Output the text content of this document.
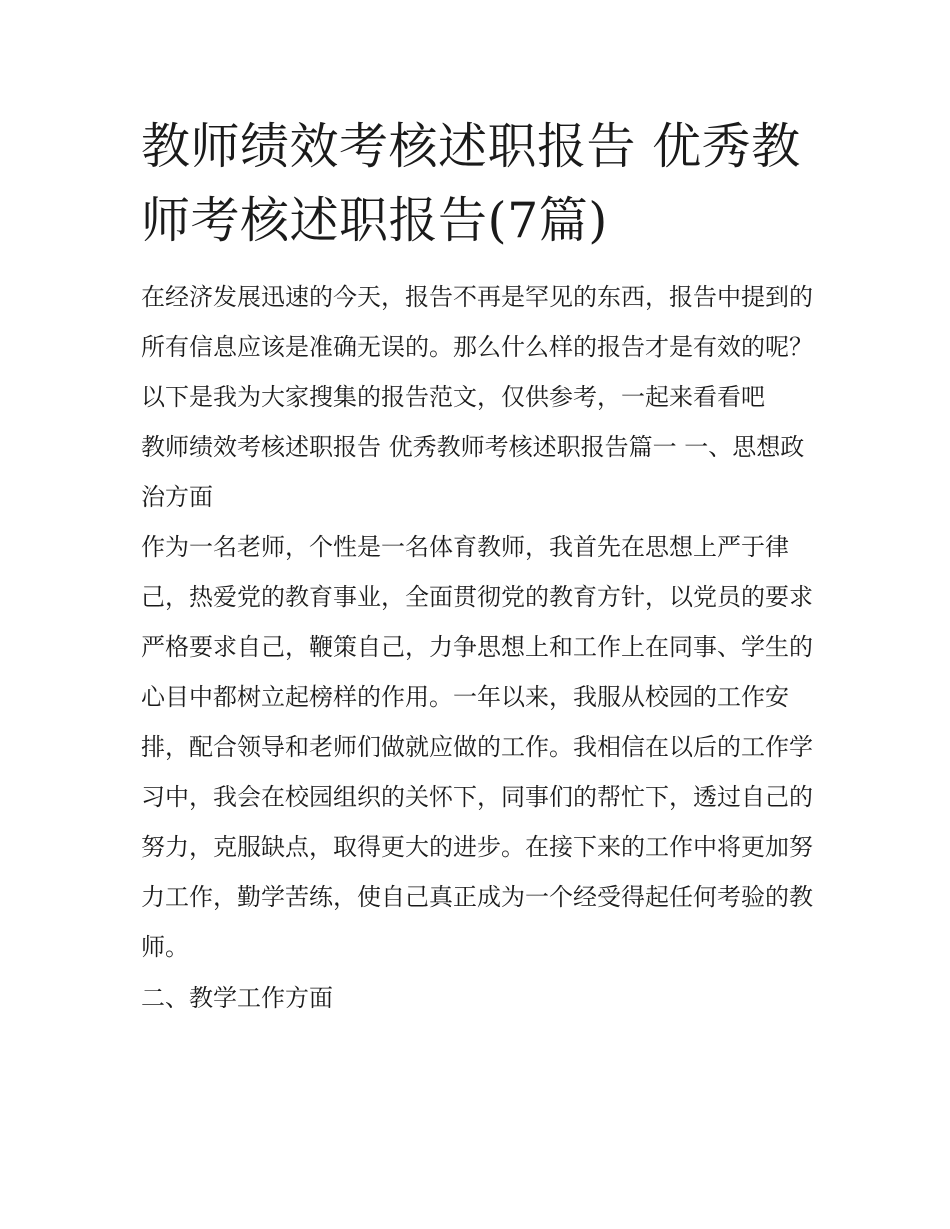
教师绩效考核述职报告 优秀教师考核述职报告(7篇)

在经济发展迅速的今天，报告不再是罕见的东西，报告中提到的所有信息应该是准确无误的。那么什么样的报告才是有效的呢？以下是我为大家搜集的报告范文，仅供参考，一起来看看吧

教师绩效考核述职报告 优秀教师考核述职报告篇一 一、思想政治方面

作为一名老师，个性是一名体育教师，我首先在思想上严于律己，热爱党的教育事业，全面贯彻党的教育方针，以党员的要求严格要求自己，鞭策自己，力争思想上和工作上在同事、学生的心目中都树立起榜样的作用。一年以来，我服从校园的工作安排，配合领导和老师们做就应做的工作。我相信在以后的工作学习中，我会在校园组织的关怀下，同事们的帮忙下，透过自己的努力，克服缺点，取得更大的进步。在接下来的工作中将更加努力工作，勤学苦练，使自己真正成为一个经受得起任何考验的教师。

二、教学工作方面
